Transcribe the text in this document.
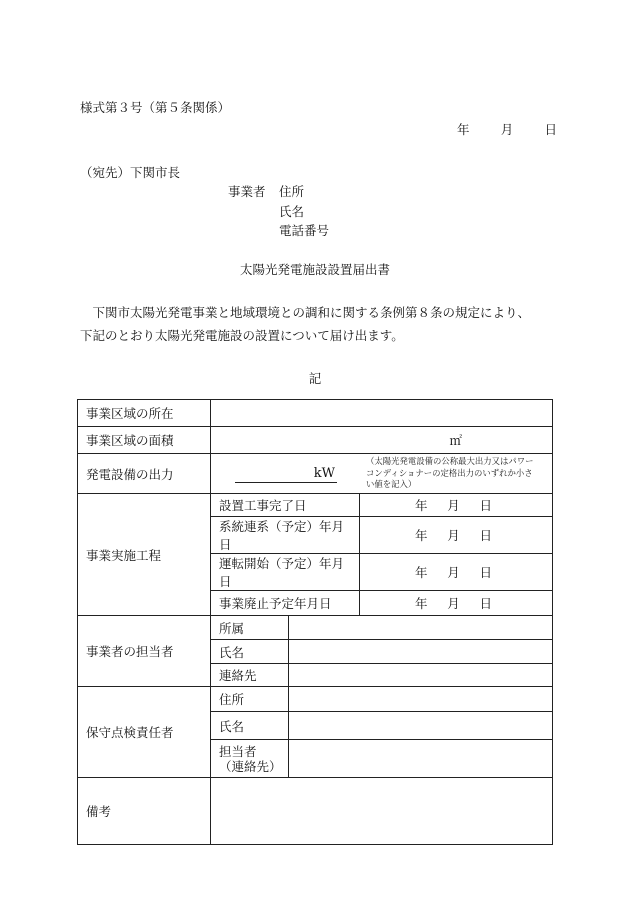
様式第３号（第５条関係）
年 月 日
（宛先）下関市長
事業者 住所
氏名
電話番号
太陽光発電施設設置届出書

　下関市太陽光発電事業と地域環境との調和に関する条例第８条の規定により、

下記のとおり太陽光発電施設の設置について届け出ます。

記
事業区域の所在			
事業区域の面積	㎡		
発電設備の出力	kW
（太陽光発電設備の公称最大出力又はパワーコンディショナーの定格出力のいずれか小さい値を記入）		

事業実施工程	設置工事完了日		年 月 日

	系統連系（予定）年月日		年 月 日

	運転開始（予定）年月日		年 月 日

	事業廃止予定年月日		年 月 日

事業者の担当者	所属		
	氏名		
	連絡先		
保守点検責任者	住所		
	氏名		

	担当者
（連絡先）		

備考			
